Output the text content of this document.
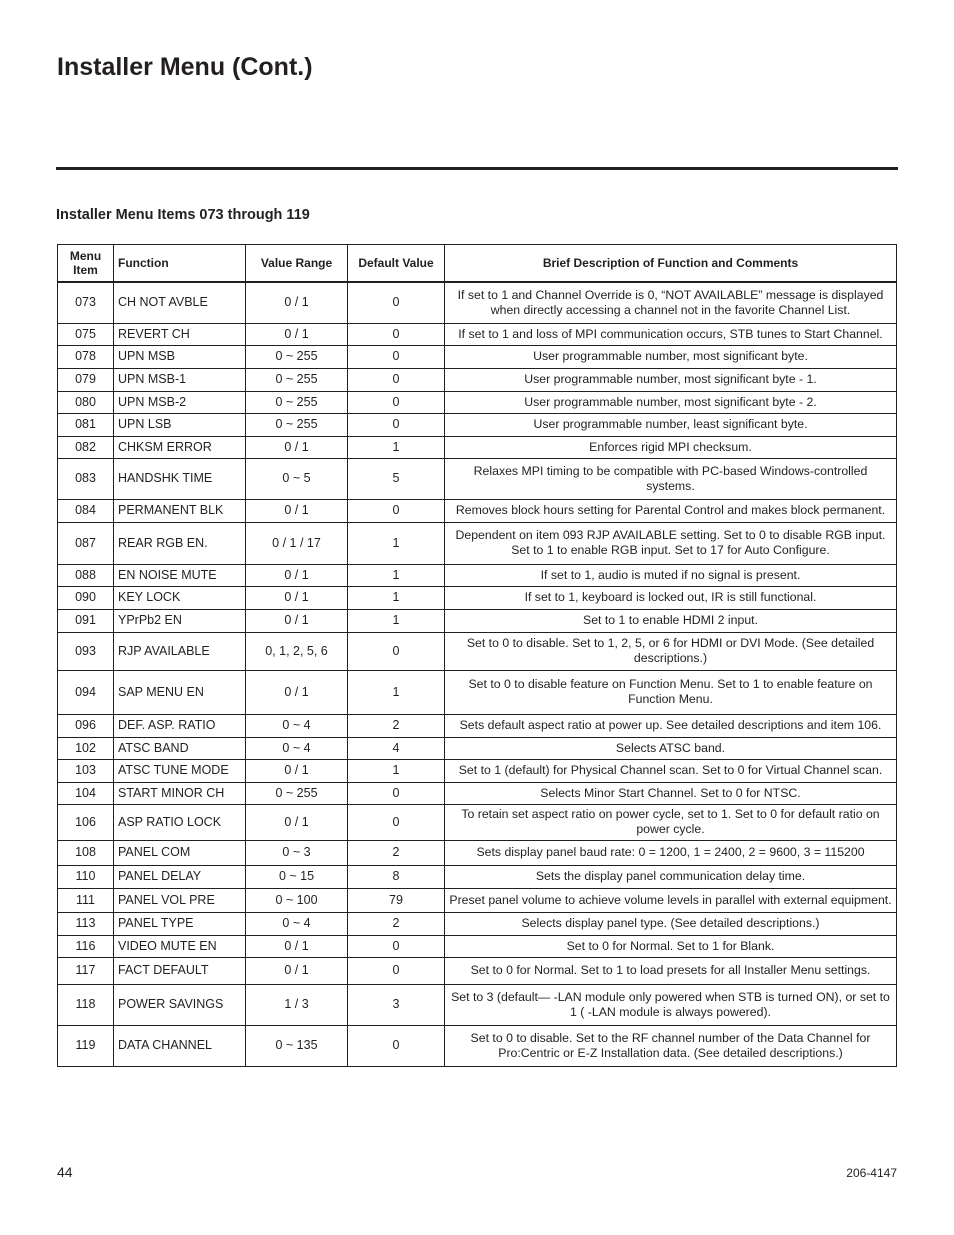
Installer Menu (Cont.)
Installer Menu Items 073 through 119
Menu
Item	Function	Value Range	Default Value	Brief Description of Function and Comments
073	CH NOT AVBLE	0 / 1	0	If set to 1 and Channel Override is 0, “NOT AVAILABLE” message is displayed when directly accessing a channel not in the favorite Channel List.
075	REVERT CH	0 / 1	0	If set to 1 and loss of MPI communication occurs, STB tunes to Start Channel.
078	UPN MSB	0 ~ 255	0	User programmable number, most significant byte.
079	UPN MSB-1	0 ~ 255	0	User programmable number, most significant byte - 1.
080	UPN MSB-2	0 ~ 255	0	User programmable number, most significant byte - 2.
081	UPN LSB	0 ~ 255	0	User programmable number, least significant byte.
082	CHKSM ERROR	0 / 1	1	Enforces rigid MPI checksum.
083	HANDSHK TIME	0 ~ 5	5	Relaxes MPI timing to be compatible with PC-based Windows-controlled systems.
084	PERMANENT BLK	0 / 1	0	Removes block hours setting for Parental Control and makes block permanent.
087	REAR RGB EN.	0 / 1 / 17	1	Dependent on item 093 RJP AVAILABLE setting. Set to 0 to disable RGB input. Set to 1 to enable RGB input. Set to 17 for Auto Configure.
088	EN NOISE MUTE	0 / 1	1	If set to 1, audio is muted if no signal is present.
090	KEY LOCK	0 / 1	1	If set to 1, keyboard is locked out, IR is still functional.
091	YPrPb2 EN	0 / 1	1	Set to 1 to enable HDMI 2 input.
093	RJP AVAILABLE	0, 1, 2, 5, 6	0	Set to 0 to disable. Set to 1, 2, 5, or 6 for HDMI or DVI Mode. (See detailed descriptions.)
094	SAP MENU EN	0 / 1	1	Set to 0 to disable feature on Function Menu. Set to 1 to enable feature on Function Menu.
096	DEF. ASP. RATIO	0 ~ 4	2	Sets default aspect ratio at power up. See detailed descriptions and item 106.
102	ATSC BAND	0 ~ 4	4	Selects ATSC band.
103	ATSC TUNE MODE	0 / 1	1	Set to 1 (default) for Physical Channel scan. Set to 0 for Virtual Channel scan.
104	START MINOR CH	0 ~ 255	0	Selects Minor Start Channel. Set to 0 for NTSC.
106	ASP RATIO LOCK	0 / 1	0	To retain set aspect ratio on power cycle, set to 1. Set to 0 for default ratio on power cycle.
108	PANEL COM	0 ~ 3	2	Sets display panel baud rate: 0 = 1200, 1 = 2400, 2 = 9600, 3 = 115200
110	PANEL DELAY	0 ~ 15	8	Sets the display panel communication delay time.
111	PANEL VOL PRE	0 ~ 100	79	Preset panel volume to achieve volume levels in parallel with external equipment.
113	PANEL TYPE	0 ~ 4	2	Selects display panel type. (See detailed descriptions.)
116	VIDEO MUTE EN	0 / 1	0	Set to 0 for Normal. Set to 1 for Blank.
117	FACT DEFAULT	0 / 1	0	Set to 0 for Normal. Set to 1 to load presets for all Installer Menu settings.
118	POWER SAVINGS	1 / 3	3	Set to 3 (default— -LAN module only powered when STB is turned ON), or set to 1 ( -LAN module is always powered).
119	DATA CHANNEL	0 ~ 135	0	Set to 0 to disable. Set to the RF channel number of the Data Channel for Pro:Centric or E-Z Installation data. (See detailed descriptions.)
44	206-4147
